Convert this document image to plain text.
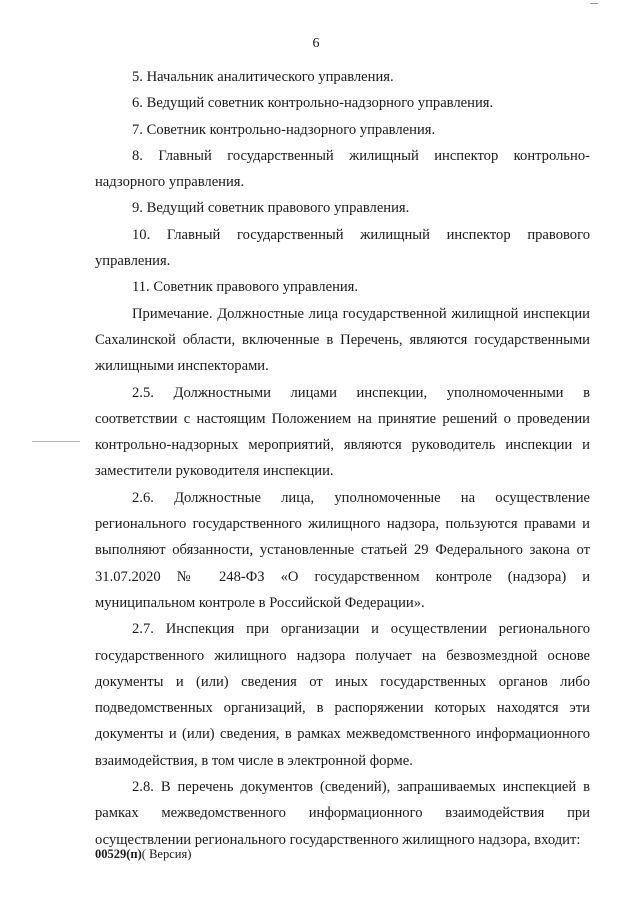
6

5. Начальник аналитического управления.

6. Ведущий советник контрольно-надзорного управления.

7. Советник контрольно-надзорного управления.

8. Главный государственный жилищный инспектор контрольно-надзорного управления.

9. Ведущий советник правового управления.

10. Главный государственный жилищный инспектор правового управления.

11. Советник правового управления.

Примечание. Должностные лица государственной жилищной инспекции Сахалинской области, включенные в Перечень, являются государственными жилищными инспекторами.

2.5. Должностными лицами инспекции, уполномоченными в соответствии с настоящим Положением на принятие решений о проведении контрольно-надзорных мероприятий, являются руководитель инспекции и заместители руководителя инспекции.

2.6. Должностные лица, уполномоченные на осуществление регионального государственного жилищного надзора, пользуются правами и выполняют обязанности, установленные статьей 29 Федерального закона от 31.07.2020 № 248-ФЗ «О государственном контроле (надзора) и муниципальном контроле в Российской Федерации».

2.7. Инспекция при организации и осуществлении регионального государственного жилищного надзора получает на безвозмездной основе документы и (или) сведения от иных государственных органов либо подведомственных организаций, в распоряжении которых находятся эти документы и (или) сведения, в рамках межведомственного информационного взаимодействия, в том числе в электронной форме.

2.8. В перечень документов (сведений), запрашиваемых инспекцией в рамках межведомственного информационного взаимодействия при осуществлении регионального государственного жилищного надзора, входит:

00529(п)( Версия)
